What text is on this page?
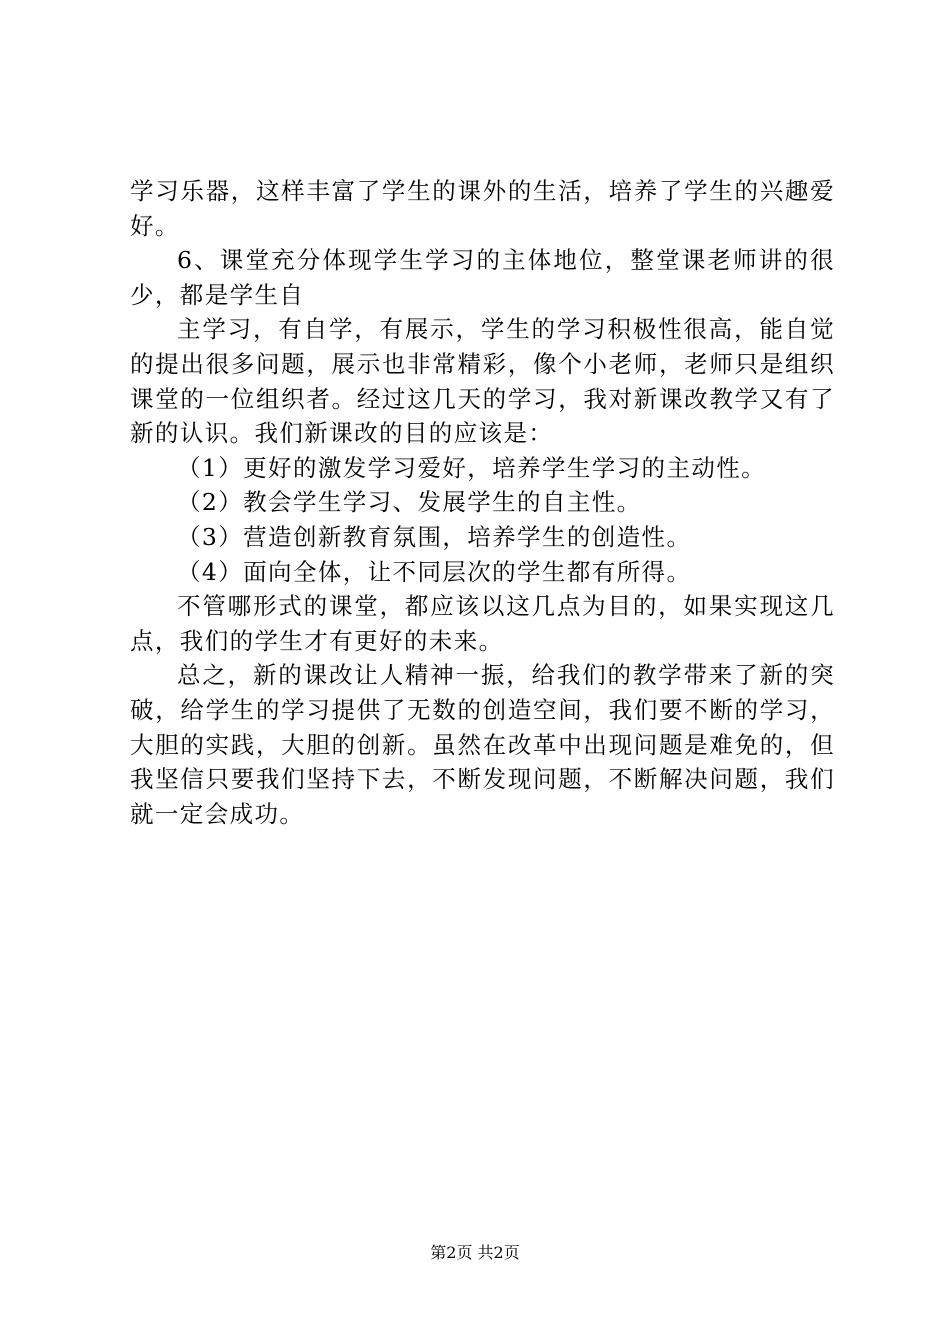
学习乐器，这样丰富了学生的课外的生活，培养了学生的兴趣爱好。

6、课堂充分体现学生学习的主体地位，整堂课老师讲的很少，都是学生自

主学习，有自学，有展示，学生的学习积极性很高，能自觉的提出很多问题，展示也非常精彩，像个小老师，老师只是组织课堂的一位组织者。经过这几天的学习，我对新课改教学又有了新的认识。我们新课改的目的应该是：

（1）更好的激发学习爱好，培养学生学习的主动性。

（2）教会学生学习、发展学生的自主性。

（3）营造创新教育氛围，培养学生的创造性。

（4）面向全体，让不同层次的学生都有所得。

不管哪形式的课堂，都应该以这几点为目的，如果实现这几点，我们的学生才有更好的未来。

总之，新的课改让人精神一振，给我们的教学带来了新的突破，给学生的学习提供了无数的创造空间，我们要不断的学习，大胆的实践，大胆的创新。虽然在改革中出现问题是难免的，但我坚信只要我们坚持下去，不断发现问题，不断解决问题，我们就一定会成功。

第2页 共2页
